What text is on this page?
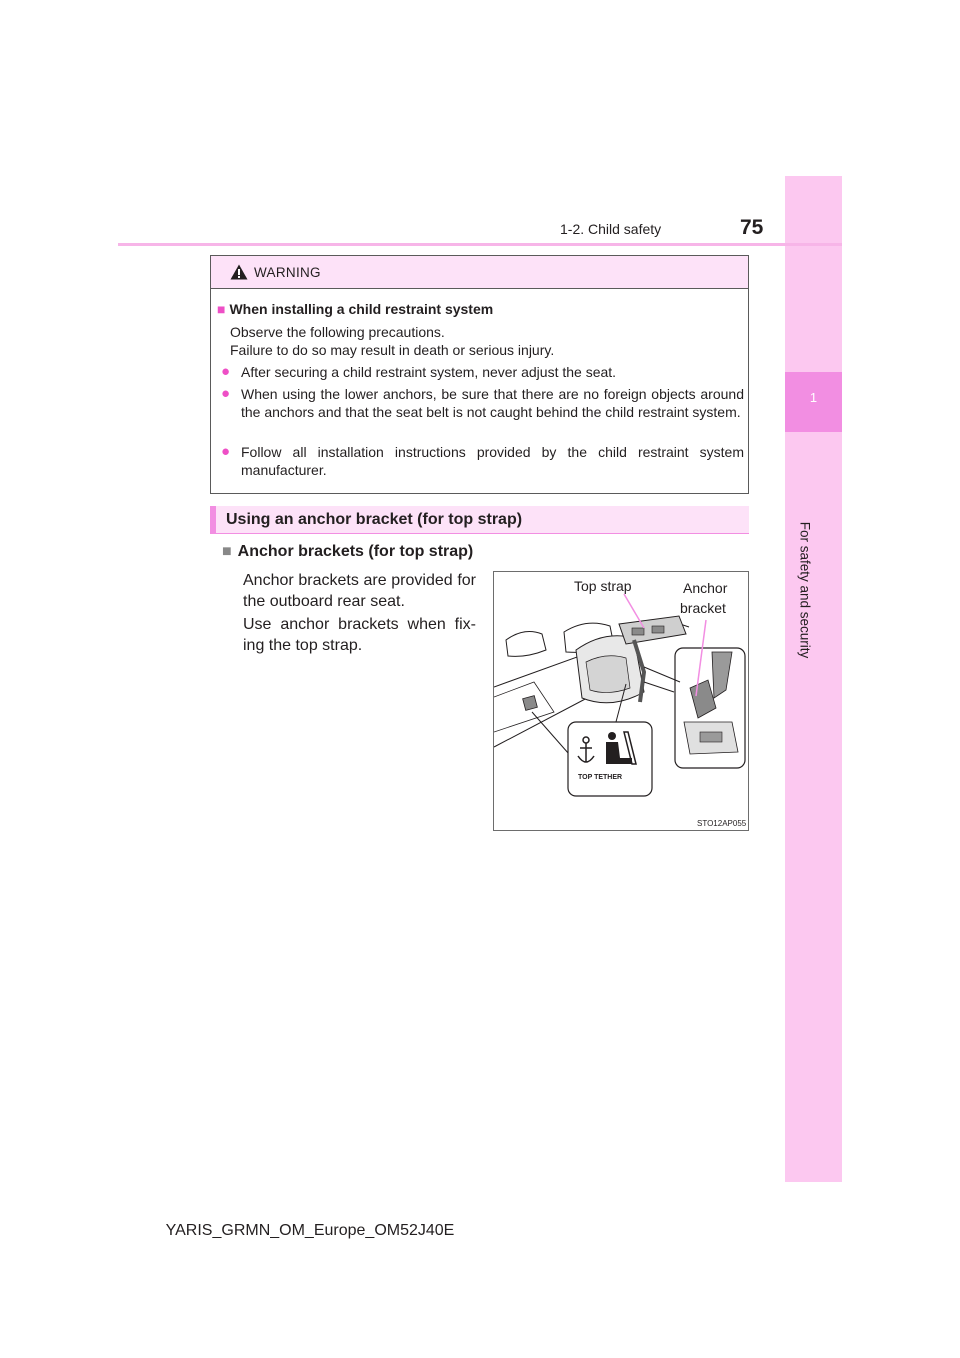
1
For safety and security
1-2. Child safety	75
WARNING
■ When installing a child restraint system
Observe the following precautions.
Failure to do so may result in death or serious injury.
● After securing a child restraint system, never adjust the seat.
● When using the lower anchors, be sure that there are no foreign objects around the anchors and that the seat belt is not caught behind the child restraint system.
● Follow all installation instructions provided by the child restraint system manufacturer.
Using an anchor bracket (for top strap)
■ Anchor brackets (for top strap)
Anchor brackets are provided for the outboard rear seat.
Use anchor brackets when fix-ing the top strap.
TOP TETHER
Top strap	Anchor
bracket
STO12AP055
YARIS_GRMN_OM_Europe_OM52J40E
